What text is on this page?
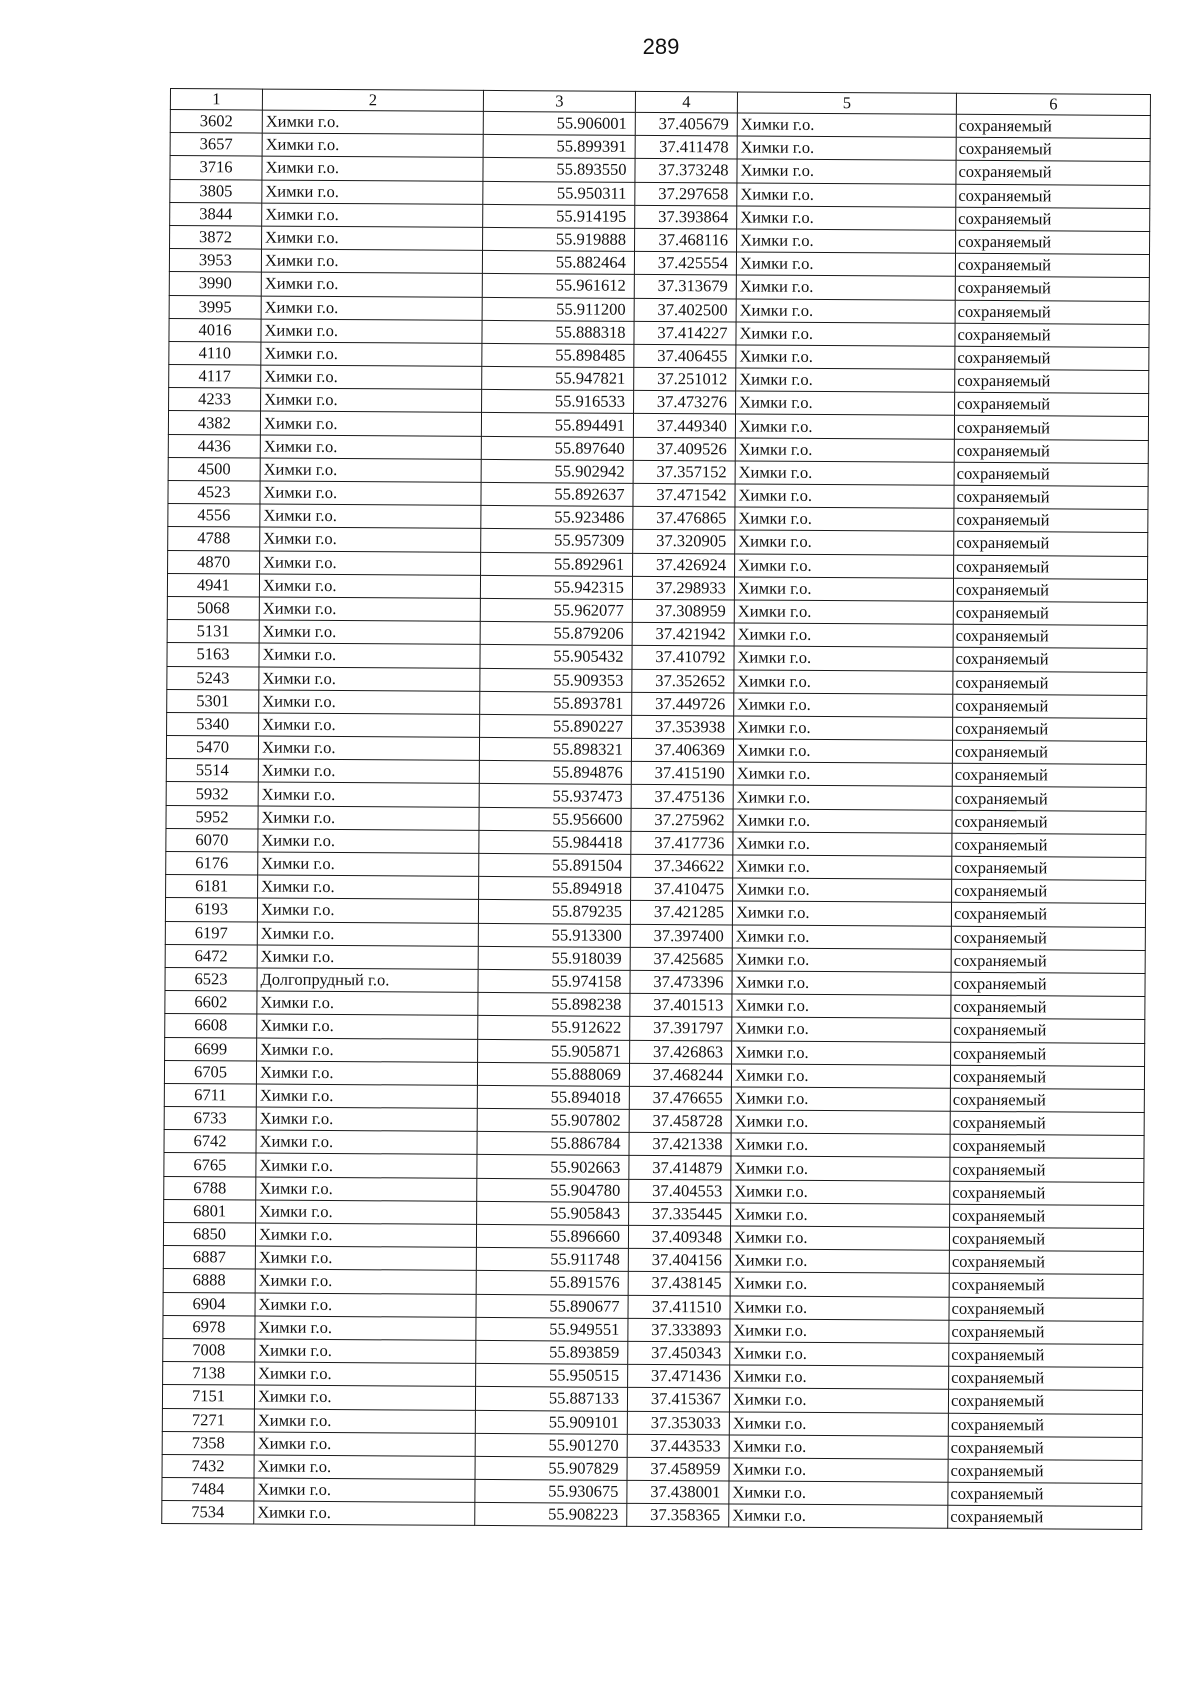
289
1	2	3	4	5	6
3602	Химки г.о.	55.906001	37.405679	Химки г.о.	сохраняемый
3657	Химки г.о.	55.899391	37.411478	Химки г.о.	сохраняемый
3716	Химки г.о.	55.893550	37.373248	Химки г.о.	сохраняемый
3805	Химки г.о.	55.950311	37.297658	Химки г.о.	сохраняемый
3844	Химки г.о.	55.914195	37.393864	Химки г.о.	сохраняемый
3872	Химки г.о.	55.919888	37.468116	Химки г.о.	сохраняемый
3953	Химки г.о.	55.882464	37.425554	Химки г.о.	сохраняемый
3990	Химки г.о.	55.961612	37.313679	Химки г.о.	сохраняемый
3995	Химки г.о.	55.911200	37.402500	Химки г.о.	сохраняемый
4016	Химки г.о.	55.888318	37.414227	Химки г.о.	сохраняемый
4110	Химки г.о.	55.898485	37.406455	Химки г.о.	сохраняемый
4117	Химки г.о.	55.947821	37.251012	Химки г.о.	сохраняемый
4233	Химки г.о.	55.916533	37.473276	Химки г.о.	сохраняемый
4382	Химки г.о.	55.894491	37.449340	Химки г.о.	сохраняемый
4436	Химки г.о.	55.897640	37.409526	Химки г.о.	сохраняемый
4500	Химки г.о.	55.902942	37.357152	Химки г.о.	сохраняемый
4523	Химки г.о.	55.892637	37.471542	Химки г.о.	сохраняемый
4556	Химки г.о.	55.923486	37.476865	Химки г.о.	сохраняемый
4788	Химки г.о.	55.957309	37.320905	Химки г.о.	сохраняемый
4870	Химки г.о.	55.892961	37.426924	Химки г.о.	сохраняемый
4941	Химки г.о.	55.942315	37.298933	Химки г.о.	сохраняемый
5068	Химки г.о.	55.962077	37.308959	Химки г.о.	сохраняемый
5131	Химки г.о.	55.879206	37.421942	Химки г.о.	сохраняемый
5163	Химки г.о.	55.905432	37.410792	Химки г.о.	сохраняемый
5243	Химки г.о.	55.909353	37.352652	Химки г.о.	сохраняемый
5301	Химки г.о.	55.893781	37.449726	Химки г.о.	сохраняемый
5340	Химки г.о.	55.890227	37.353938	Химки г.о.	сохраняемый
5470	Химки г.о.	55.898321	37.406369	Химки г.о.	сохраняемый
5514	Химки г.о.	55.894876	37.415190	Химки г.о.	сохраняемый
5932	Химки г.о.	55.937473	37.475136	Химки г.о.	сохраняемый
5952	Химки г.о.	55.956600	37.275962	Химки г.о.	сохраняемый
6070	Химки г.о.	55.984418	37.417736	Химки г.о.	сохраняемый
6176	Химки г.о.	55.891504	37.346622	Химки г.о.	сохраняемый
6181	Химки г.о.	55.894918	37.410475	Химки г.о.	сохраняемый
6193	Химки г.о.	55.879235	37.421285	Химки г.о.	сохраняемый
6197	Химки г.о.	55.913300	37.397400	Химки г.о.	сохраняемый
6472	Химки г.о.	55.918039	37.425685	Химки г.о.	сохраняемый
6523	Долгопрудный г.о.	55.974158	37.473396	Химки г.о.	сохраняемый
6602	Химки г.о.	55.898238	37.401513	Химки г.о.	сохраняемый
6608	Химки г.о.	55.912622	37.391797	Химки г.о.	сохраняемый
6699	Химки г.о.	55.905871	37.426863	Химки г.о.	сохраняемый
6705	Химки г.о.	55.888069	37.468244	Химки г.о.	сохраняемый
6711	Химки г.о.	55.894018	37.476655	Химки г.о.	сохраняемый
6733	Химки г.о.	55.907802	37.458728	Химки г.о.	сохраняемый
6742	Химки г.о.	55.886784	37.421338	Химки г.о.	сохраняемый
6765	Химки г.о.	55.902663	37.414879	Химки г.о.	сохраняемый
6788	Химки г.о.	55.904780	37.404553	Химки г.о.	сохраняемый
6801	Химки г.о.	55.905843	37.335445	Химки г.о.	сохраняемый
6850	Химки г.о.	55.896660	37.409348	Химки г.о.	сохраняемый
6887	Химки г.о.	55.911748	37.404156	Химки г.о.	сохраняемый
6888	Химки г.о.	55.891576	37.438145	Химки г.о.	сохраняемый
6904	Химки г.о.	55.890677	37.411510	Химки г.о.	сохраняемый
6978	Химки г.о.	55.949551	37.333893	Химки г.о.	сохраняемый
7008	Химки г.о.	55.893859	37.450343	Химки г.о.	сохраняемый
7138	Химки г.о.	55.950515	37.471436	Химки г.о.	сохраняемый
7151	Химки г.о.	55.887133	37.415367	Химки г.о.	сохраняемый
7271	Химки г.о.	55.909101	37.353033	Химки г.о.	сохраняемый
7358	Химки г.о.	55.901270	37.443533	Химки г.о.	сохраняемый
7432	Химки г.о.	55.907829	37.458959	Химки г.о.	сохраняемый
7484	Химки г.о.	55.930675	37.438001	Химки г.о.	сохраняемый
7534	Химки г.о.	55.908223	37.358365	Химки г.о.	сохраняемый
